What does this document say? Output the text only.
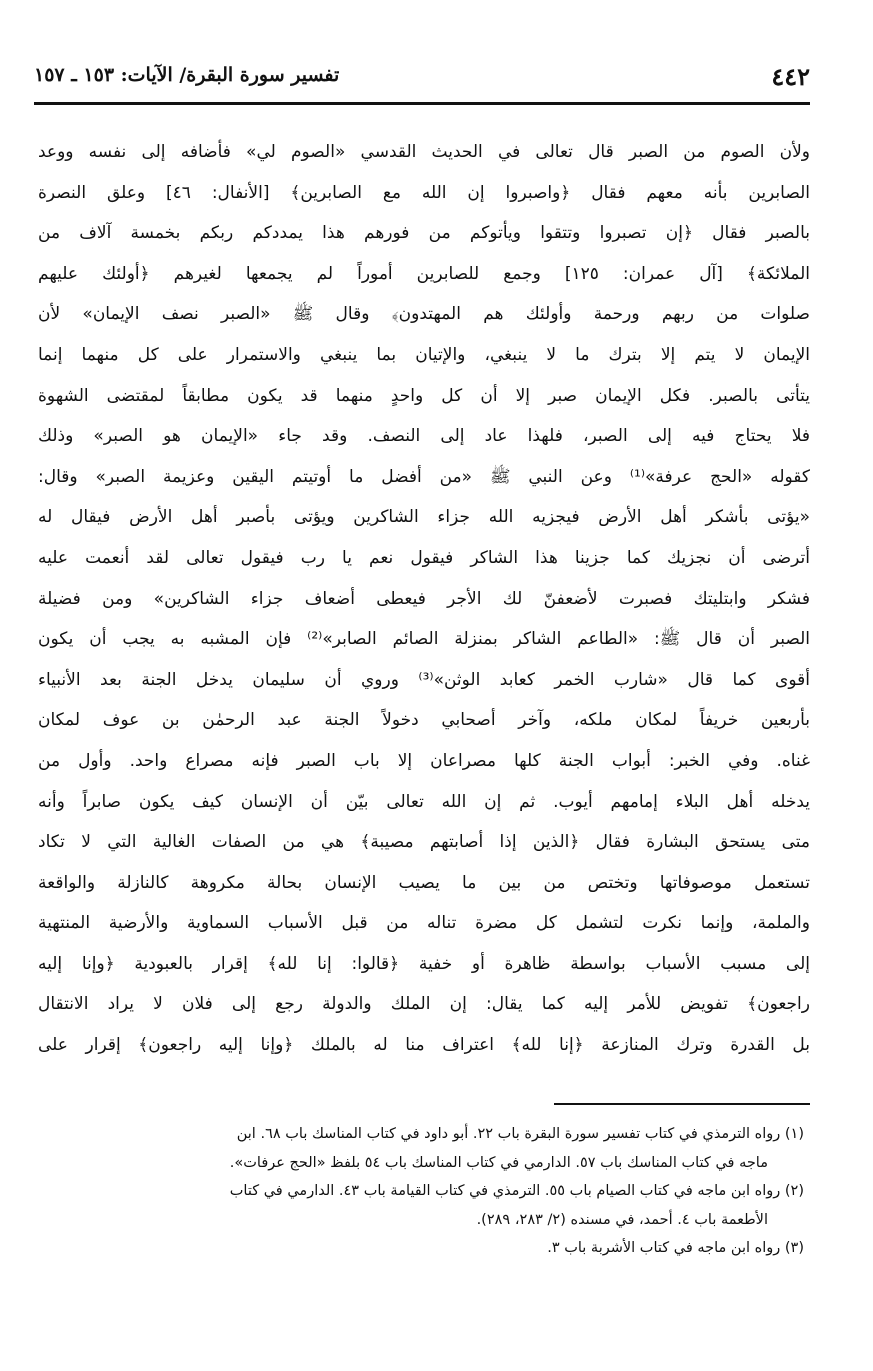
٤٤٢
تفسير سورة البقرة/ الآيات: ١٥٣ ـ ١٥٧
ولأن الصوم من الصبر قال تعالى في الحديث القدسي «الصوم لي» فأضافه إلى نفسه ووعد
الصابرين بأنه معهم فقال ﴿واصبروا إن الله مع الصابرين﴾ [الأنفال: ٤٦] وعلق النصرة
بالصبر فقال ﴿إن تصبروا وتتقوا ويأتوكم من فورهم هذا يمددكم ربكم بخمسة آلاف من
الملائكة﴾ [آل عمران: ١٢٥] وجمع للصابرين أموراً لم يجمعها لغيرهم ﴿أولئك عليهم
صلوات من ربهم ورحمة وأولئك هم المهتدون﴾ وقال ﷺ «الصبر نصف الإيمان» لأن
الإيمان لا يتم إلا بترك ما لا ينبغي، والإتيان بما ينبغي والاستمرار على كل منهما إنما
يتأتى بالصبر. فكل الإيمان صبر إلا أن كل واحدٍ منهما قد يكون مطابقاً لمقتضى الشهوة
فلا يحتاج فيه إلى الصبر، فلهذا عاد إلى النصف. وقد جاء «الإيمان هو الصبر» وذلك
كقوله «الحج عرفة»⁽¹⁾ وعن النبي ﷺ «من أفضل ما أوتيتم اليقين وعزيمة الصبر» وقال:
«يؤتى بأشكر أهل الأرض فيجزيه الله جزاء الشاكرين ويؤتى بأصبر أهل الأرض فيقال له
أترضى أن نجزيك كما جزينا هذا الشاكر فيقول نعم يا رب فيقول تعالى لقد أنعمت عليه
فشكر وابتليتك فصبرت لأضعفنّ لك الأجر فيعطى أضعاف جزاء الشاكرين» ومن فضيلة
الصبر أن قال ﷺ: «الطاعم الشاكر بمنزلة الصائم الصابر»⁽²⁾ فإن المشبه به يجب أن يكون
أقوى كما قال «شارب الخمر كعابد الوثن»⁽³⁾ وروي أن سليمان يدخل الجنة بعد الأنبياء
بأربعين خريفاً لمكان ملكه، وآخر أصحابي دخولاً الجنة عبد الرحمٰن بن عوف لمكان
غناه. وفي الخبر: أبواب الجنة كلها مصراعان إلا باب الصبر فإنه مصراع واحد. وأول من
يدخله أهل البلاء إمامهم أيوب. ثم إن الله تعالى بيّن أن الإنسان كيف يكون صابراً وأنه
متى يستحق البشارة فقال ﴿الذين إذا أصابتهم مصيبة﴾ هي من الصفات الغالية التي لا تكاد
تستعمل موصوفاتها وتختص من بين ما يصيب الإنسان بحالة مكروهة كالنازلة والواقعة
والملمة، وإنما نكرت لتشمل كل مضرة تناله من قبل الأسباب السماوية والأرضية المنتهية
إلى مسبب الأسباب بواسطة ظاهرة أو خفية ﴿قالوا: إنا لله﴾ إقرار بالعبودية ﴿وإنا إليه
راجعون﴾ تفويض للأمر إليه كما يقال: إن الملك والدولة رجع إلى فلان لا يراد الانتقال
بل القدرة وترك المنازعة ﴿إنا لله﴾ اعتراف منا له بالملك ﴿وإنا إليه راجعون﴾ إقرار على
(١) رواه الترمذي في كتاب تفسير سورة البقرة باب ٢٢. أبو داود في كتاب المناسك باب ٦٨. ابن
ماجه في كتاب المناسك باب ٥٧. الدارمي في كتاب المناسك باب ٥٤ بلفظ «الحج عرفات».
(٢) رواه ابن ماجه في كتاب الصيام باب ٥٥. الترمذي في كتاب القيامة باب ٤٣. الدارمي في كتاب
الأطعمة باب ٤. أحمد، في مسنده (٢/ ٢٨٣، ٢٨٩).
(٣) رواه ابن ماجه في كتاب الأشربة باب ٣.
